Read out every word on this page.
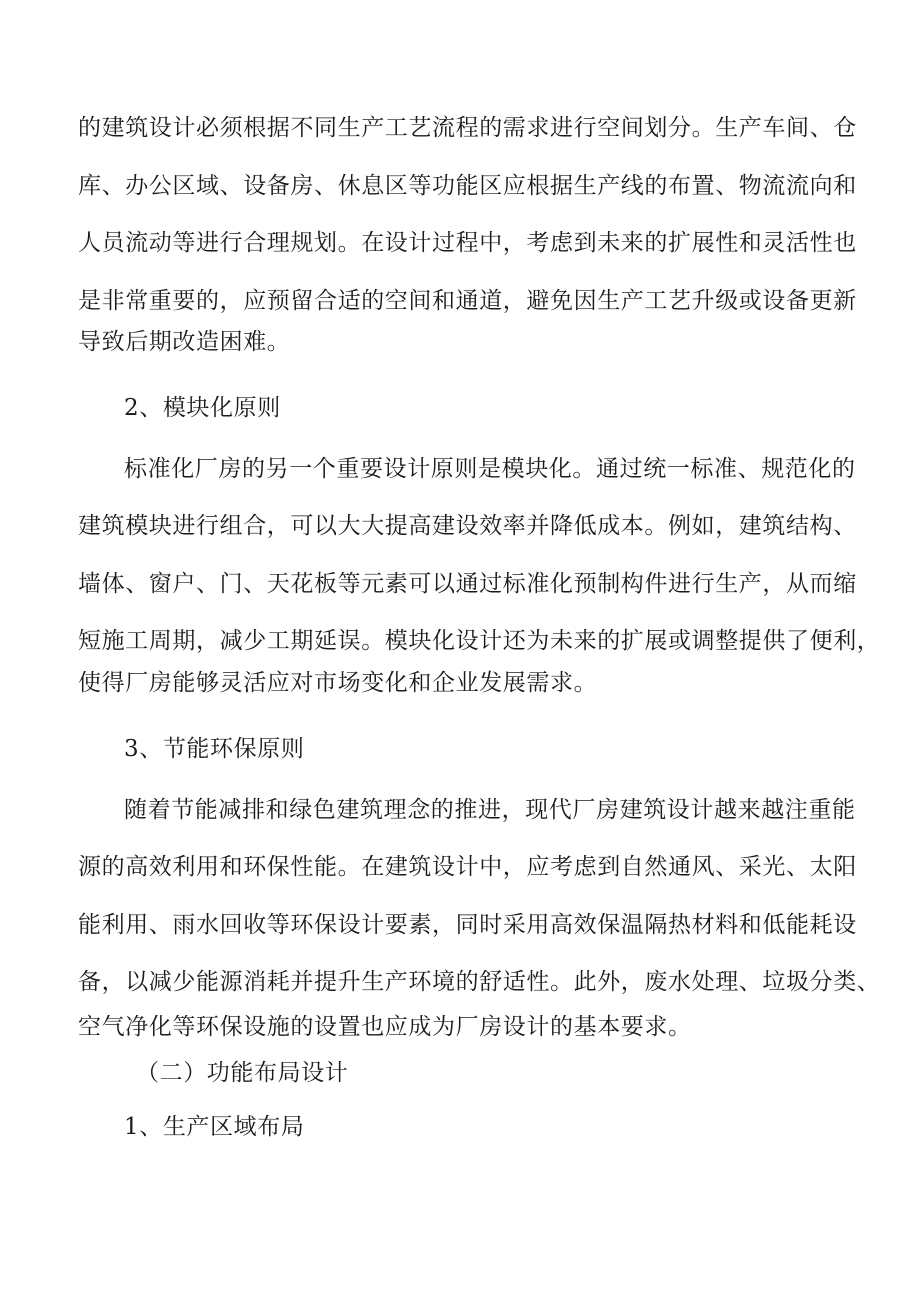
的建筑设计必须根据不同生产工艺流程的需求进行空间划分。生产车间、仓
库、办公区域、设备房、休息区等功能区应根据生产线的布置、物流流向和
人员流动等进行合理规划。在设计过程中，考虑到未来的扩展性和灵活性也
是非常重要的，应预留合适的空间和通道，避免因生产工艺升级或设备更新
导致后期改造困难。
2、模块化原则
标准化厂房的另一个重要设计原则是模块化。通过统一标准、规范化的
建筑模块进行组合，可以大大提高建设效率并降低成本。例如，建筑结构、
墙体、窗户、门、天花板等元素可以通过标准化预制构件进行生产，从而缩
短施工周期，减少工期延误。模块化设计还为未来的扩展或调整提供了便利，
使得厂房能够灵活应对市场变化和企业发展需求。
3、节能环保原则
随着节能减排和绿色建筑理念的推进，现代厂房建筑设计越来越注重能
源的高效利用和环保性能。在建筑设计中，应考虑到自然通风、采光、太阳
能利用、雨水回收等环保设计要素，同时采用高效保温隔热材料和低能耗设
备，以减少能源消耗并提升生产环境的舒适性。此外，废水处理、垃圾分类、
空气净化等环保设施的设置也应成为厂房设计的基本要求。
（二）功能布局设计
1、生产区域布局
